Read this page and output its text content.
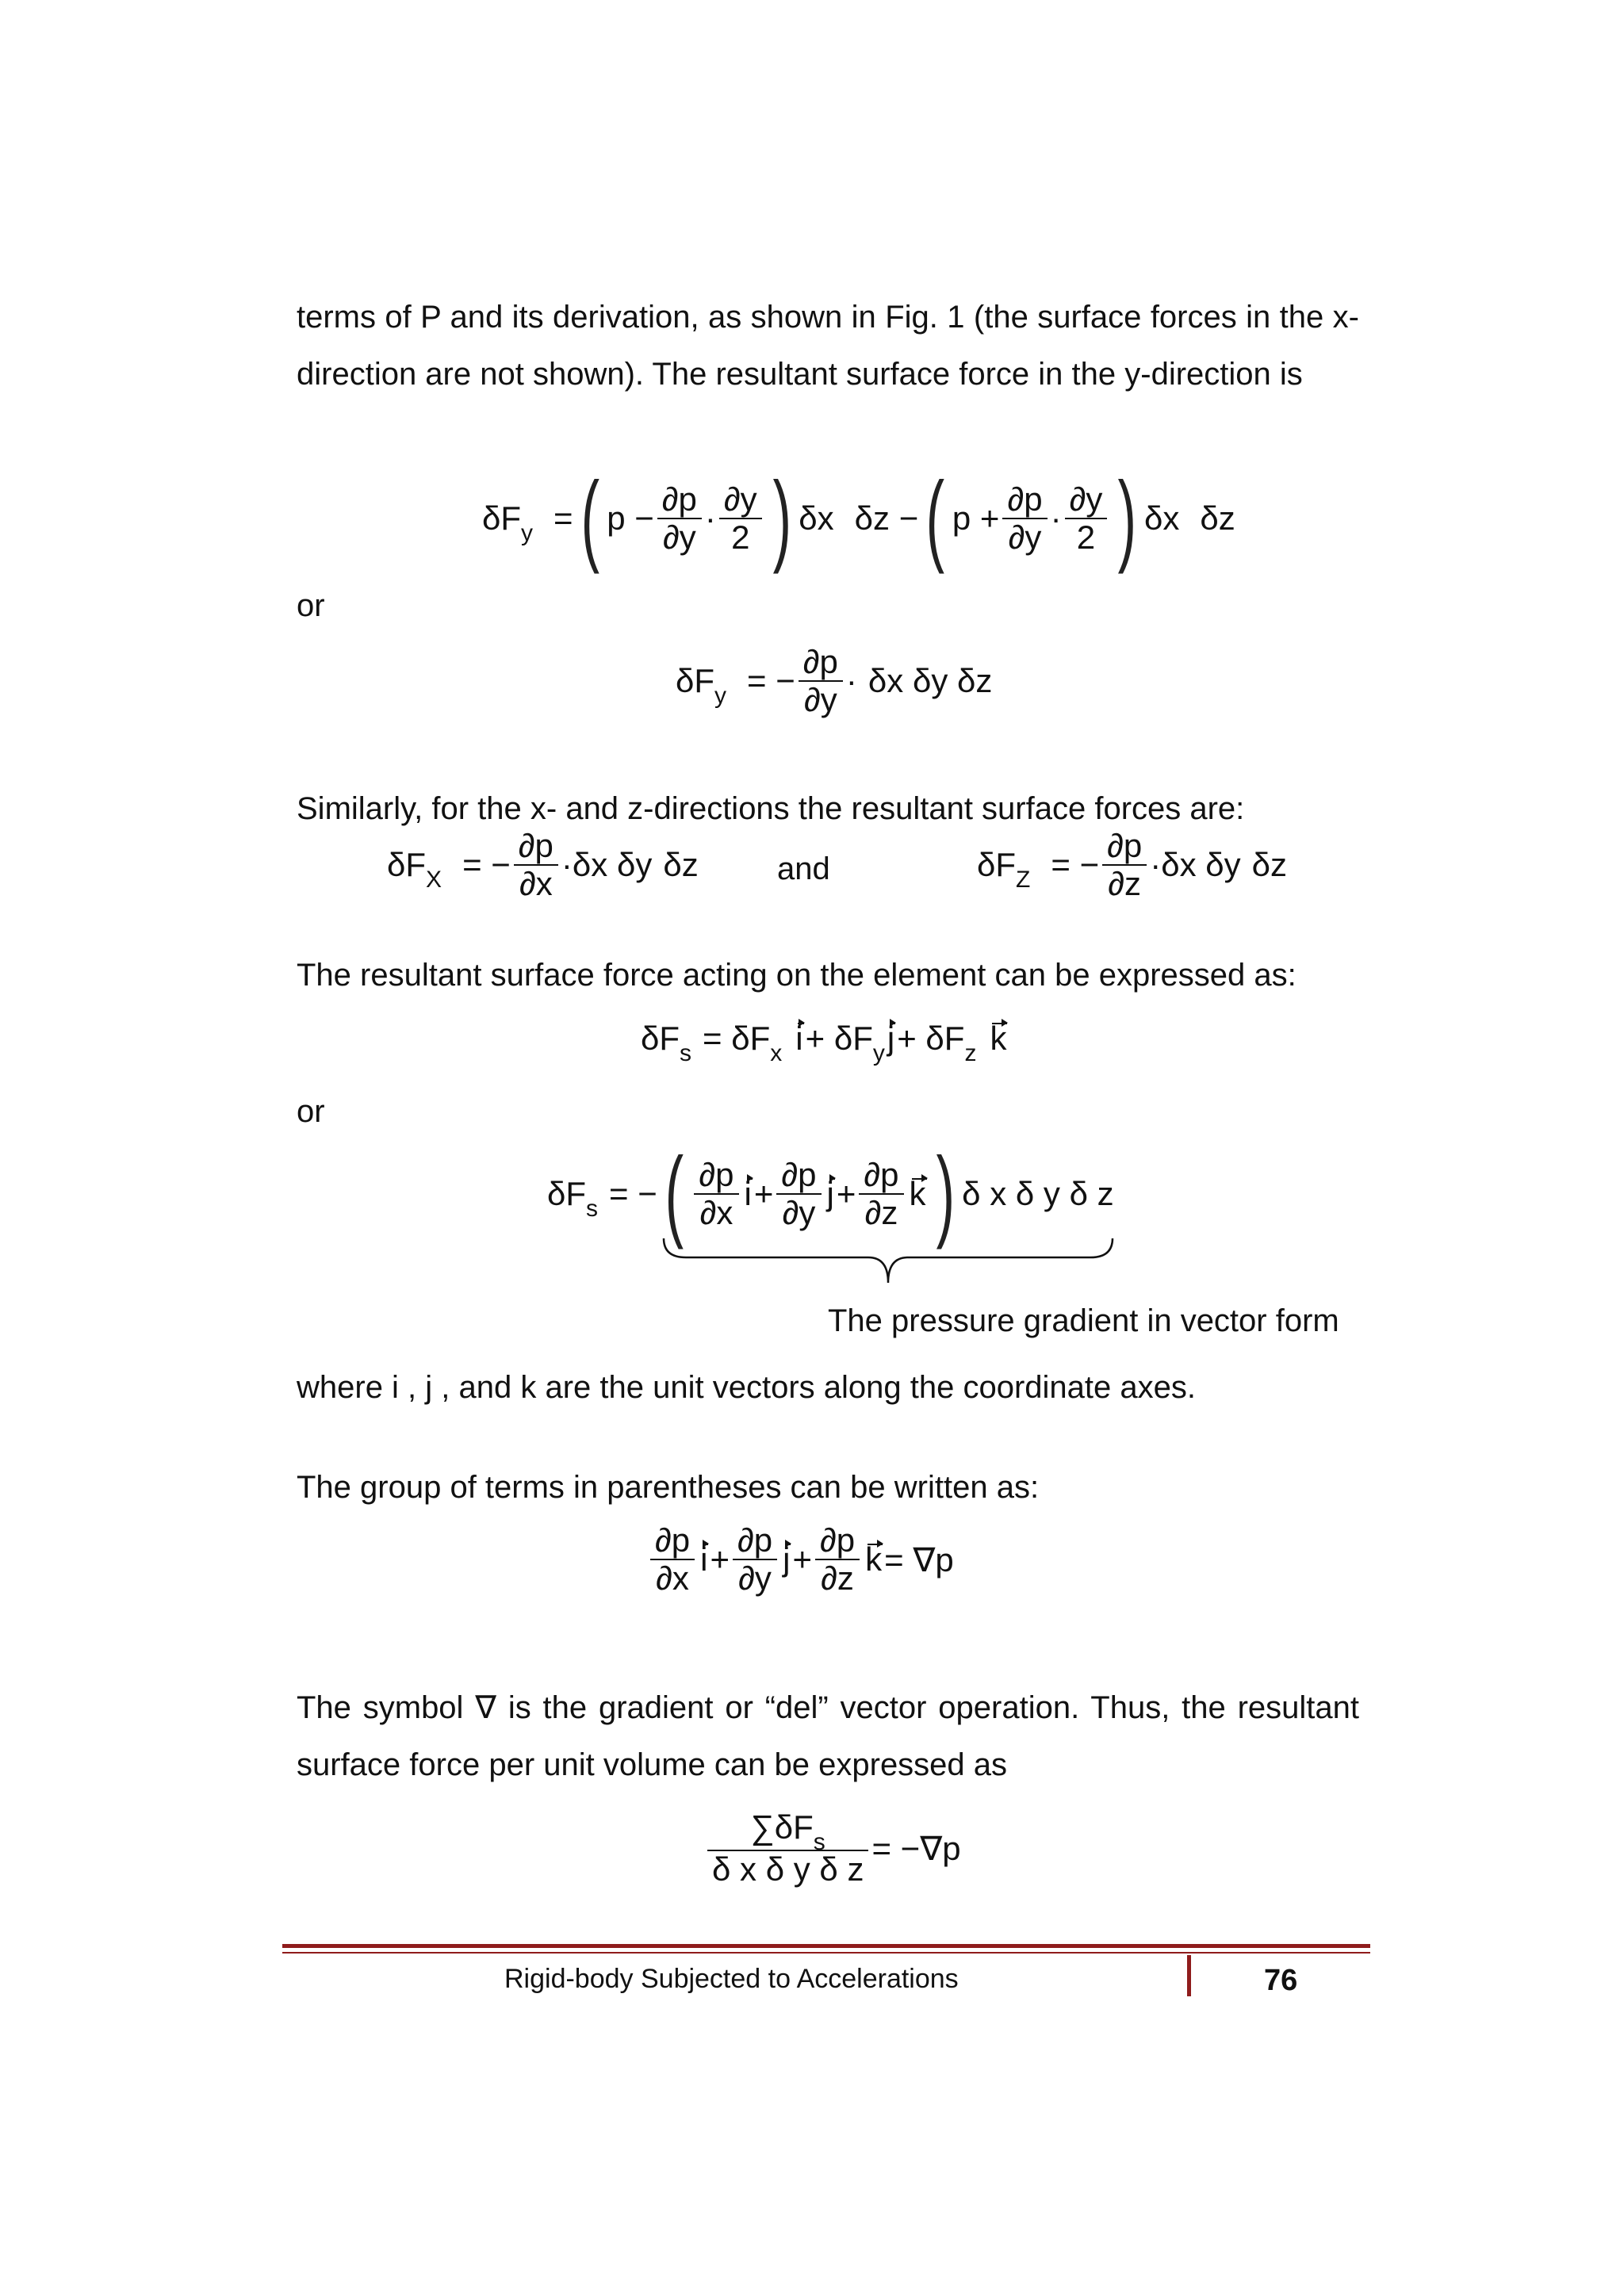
terms of P and its derivation, as shown in Fig. 1 (the surface forces in the x-direction are not shown). The resultant surface force in the y-direction is
$\delta F_y$ = ( $p - \frac{\partial p}{\partial y} \cdot \frac{\partial y}{2}$ ) δx δz − ( $p + \frac{\partial p}{\partial y} \cdot \frac{\partial y}{2}$ ) δx δz
or
$\delta F_y$ = − $\frac{\partial p}{\partial y} \cdot \delta x$ δy δz
Similarly, for the x- and z-directions the resultant surface forces are:
$\delta F_X$ = − $\frac{\partial p}{\partial x} \cdot \delta x$ δy δz and	$\delta F_Z$ = − $\frac{\partial p}{\partial z} \cdot \delta x$ δy δz
The resultant surface force acting on the element can be expressed as:
$\delta F_s = \delta F_x$ $i + \delta F_y$ $j + \delta F_z$ k
or
$\delta F_s$ = − ( $\frac{\partial p}{\partial x}$ $i + \frac{\partial p}{\partial y}$ $j + \frac{\partial p}{\partial z}$ k ) δ x δ y δ z
The pressure gradient in vector form
where i , j , and k are the unit vectors along the coordinate axes.
The group of terms in parentheses can be written as:
$\frac{\partial p}{\partial x}$ $i + \frac{\partial p}{\partial y}$ $j + \frac{\partial p}{\partial z}$ k = ∇p
The symbol ∇ is the gradient or “del” vector operation. Thus, the resultant surface force per unit volume can be expressed as
$\frac{\sum\delta F_s}{\text{δ x δ y δ z}} = -\nabla p$
Rigid-body Subjected to Accelerations	76
